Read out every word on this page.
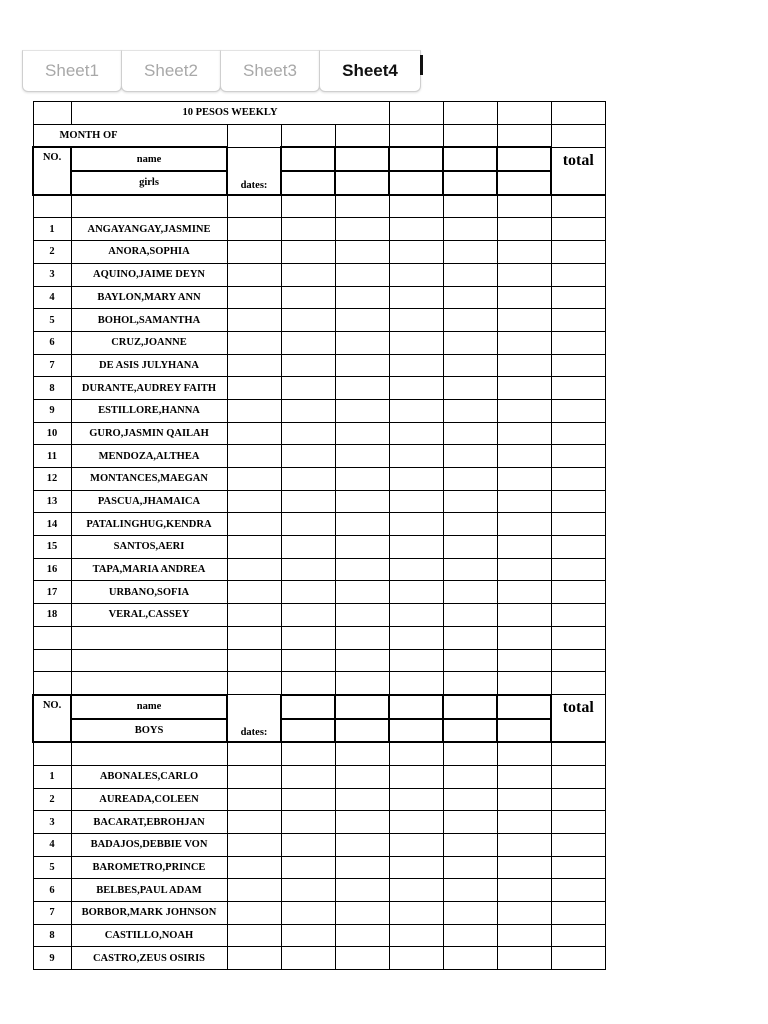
Sheet1	Sheet2	Sheet3	Sheet4
	10 PESOS WEEKLY							
MONTH OF								
NO.	name	dates:						total
	girls							

1	ANGAYANGAY,JASMINE							
2	ANORA,SOPHIA							
3	AQUINO,JAIME DEYN							
4	BAYLON,MARY ANN							
5	BOHOL,SAMANTHA							
6	CRUZ,JOANNE							
7	DE ASIS JULYHANA							
8	DURANTE,AUDREY FAITH							
9	ESTILLORE,HANNA							
10	GURO,JASMIN QAILAH							
11	MENDOZA,ALTHEA							
12	MONTANCES,MAEGAN							
13	PASCUA,JHAMAICA							
14	PATALINGHUG,KENDRA							
15	SANTOS,AERI							
16	TAPA,MARIA ANDREA							
17	URBANO,SOFIA							
18	VERAL,CASSEY							

NO.	name	dates:						total
	BOYS							

1	ABONALES,CARLO							
2	AUREADA,COLEEN							
3	BACARAT,EBROHJAN							
4	BADAJOS,DEBBIE VON							
5	BAROMETRO,PRINCE							
6	BELBES,PAUL ADAM							
7	BORBOR,MARK JOHNSON							
8	CASTILLO,NOAH							
9	CASTRO,ZEUS OSIRIS							
